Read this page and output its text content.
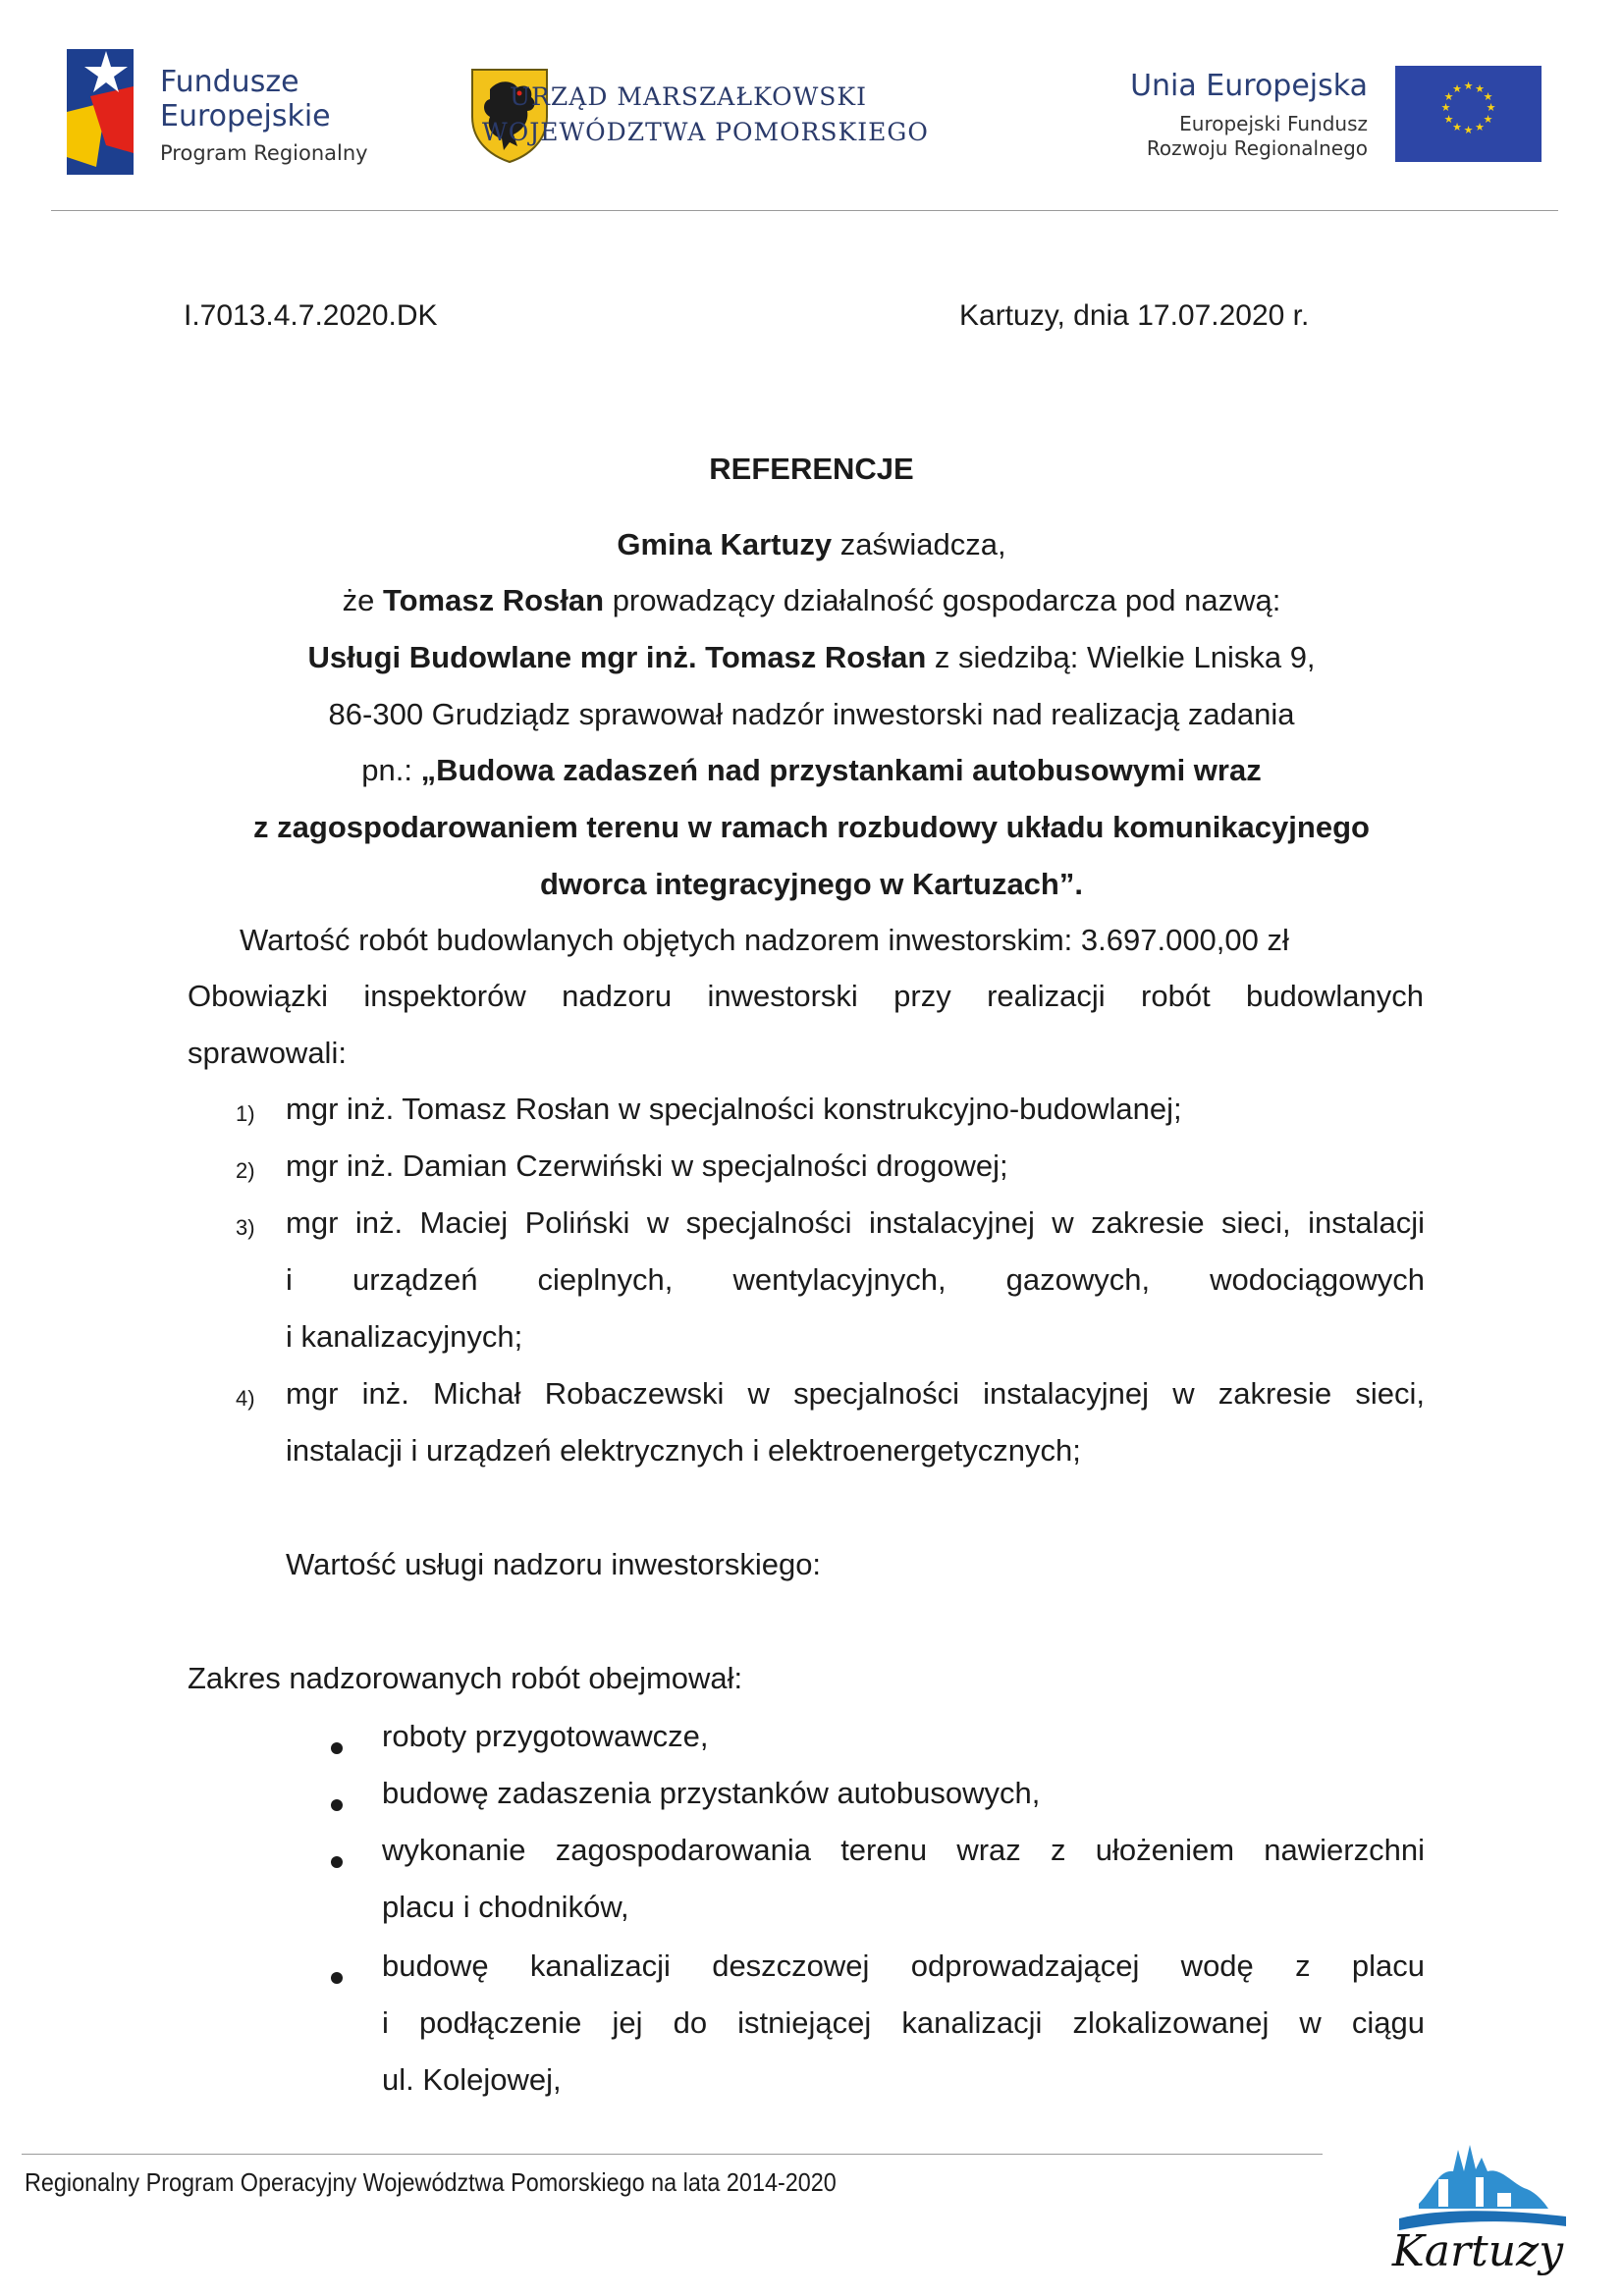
Fundusze
Europejskie
Program Regionalny
URZĄD MARSZAŁKOWSKI
WOJEWÓDZTWA POMORSKIEGO
Unia Europejska
Europejski Fundusz
Rozwoju Regionalnego
★ ★
★
★
★
★
★
★
★
★
★
★
I.7013.4.7.2020.DK	Kartuzy, dnia 17.07.2020 r.
REFERENCJE
Gmina Kartuzy zaświadcza,
że Tomasz Rosłan prowadzący działalność gospodarcza pod nazwą:
Usługi Budowlane mgr inż. Tomasz Rosłan z siedzibą: Wielkie Lniska 9,
86-300 Grudziądz sprawował nadzór inwestorski nad realizacją zadania
pn.: „Budowa zadaszeń nad przystankami autobusowymi wraz
z zagospodarowaniem terenu w ramach rozbudowy układu komunikacyjnego
dworca integracyjnego w Kartuzach”.
Wartość robót budowlanych objętych nadzorem inwestorskim: 3.697.000,00 zł
Obowiązki inspektorów nadzoru inwestorski przy realizacji robót budowlanych
sprawowali:
1) mgr inż. Tomasz Rosłan w specjalności konstrukcyjno-budowlanej;
2) mgr inż. Damian Czerwiński w specjalności drogowej;
3) mgr inż. Maciej Poliński w specjalności instalacyjnej w zakresie sieci, instalacji
i urządzeń cieplnych, wentylacyjnych, gazowych, wodociągowych
i kanalizacyjnych;
4) mgr inż. Michał Robaczewski w specjalności instalacyjnej w zakresie sieci,
instalacji i urządzeń elektrycznych i elektroenergetycznych;
Wartość usługi nadzoru inwestorskiego:
Zakres nadzorowanych robót obejmował:
roboty przygotowawcze,
budowę zadaszenia przystanków autobusowych,
wykonanie zagospodarowania terenu wraz z ułożeniem nawierzchni
placu i chodników,
budowę kanalizacji deszczowej odprowadzającej wodę z placu
i podłączenie jej do istniejącej kanalizacji zlokalizowanej w ciągu
ul. Kolejowej,
Regionalny Program Operacyjny Województwa Pomorskiego na lata 2014-2020
Kartuzy
